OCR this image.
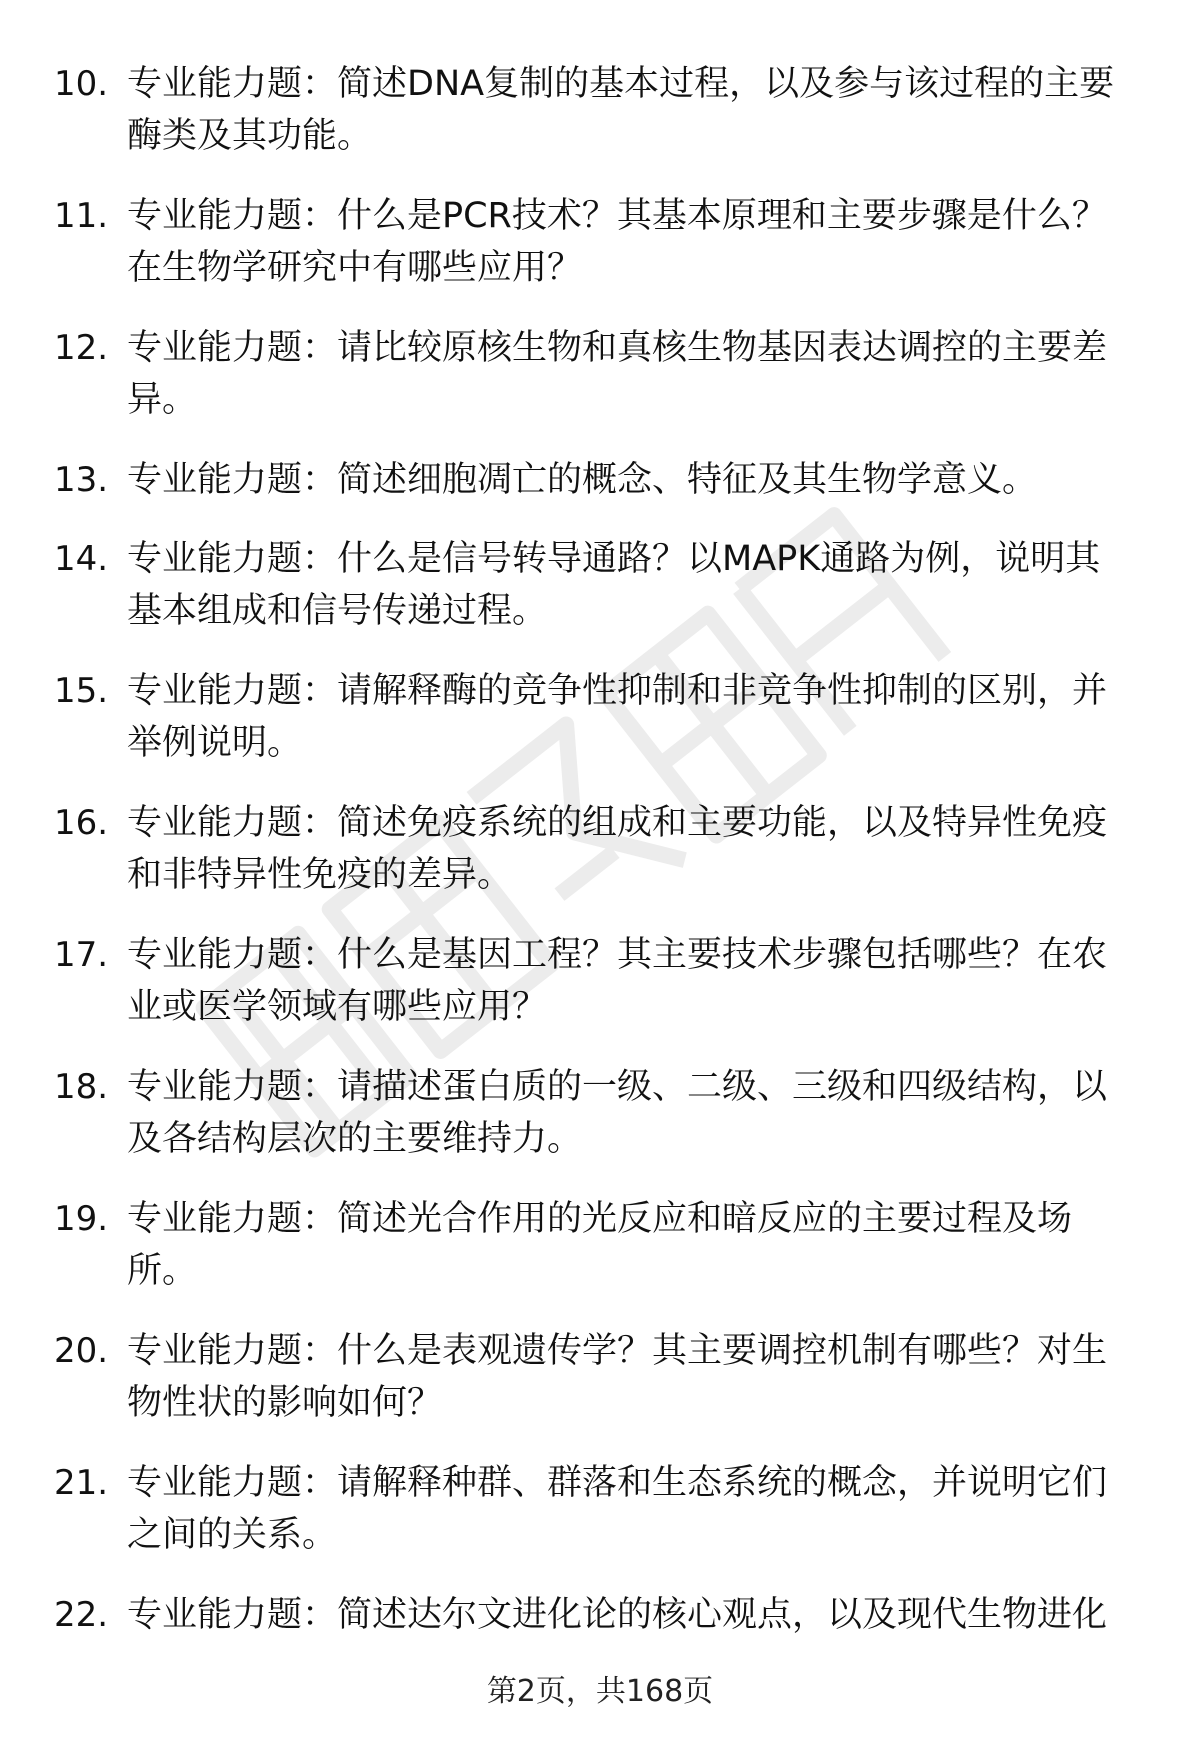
10. 专业能力题：简述DNA复制的基本过程，以及参与该过程的主要
酶类及其功能。
11. 专业能力题：什么是PCR技术？其基本原理和主要步骤是什么？
在生物学研究中有哪些应用？
12. 专业能力题：请比较原核生物和真核生物基因表达调控的主要差
异。
13. 专业能力题：简述细胞凋亡的概念、特征及其生物学意义。
14. 专业能力题：什么是信号转导通路？以MAPK通路为例，说明其
基本组成和信号传递过程。
15. 专业能力题：请解释酶的竞争性抑制和非竞争性抑制的区别，并
举例说明。
16. 专业能力题：简述免疫系统的组成和主要功能，以及特异性免疫
和非特异性免疫的差异。
17. 专业能力题：什么是基因工程？其主要技术步骤包括哪些？在农
业或医学领域有哪些应用？
18. 专业能力题：请描述蛋白质的一级、二级、三级和四级结构，以
及各结构层次的主要维持力。
19. 专业能力题：简述光合作用的光反应和暗反应的主要过程及场
所。
20. 专业能力题：什么是表观遗传学？其主要调控机制有哪些？对生
物性状的影响如何？
21. 专业能力题：请解释种群、群落和生态系统的概念，并说明它们
之间的关系。
22. 专业能力题：简述达尔文进化论的核心观点，以及现代生物进化
第2页，共168页
